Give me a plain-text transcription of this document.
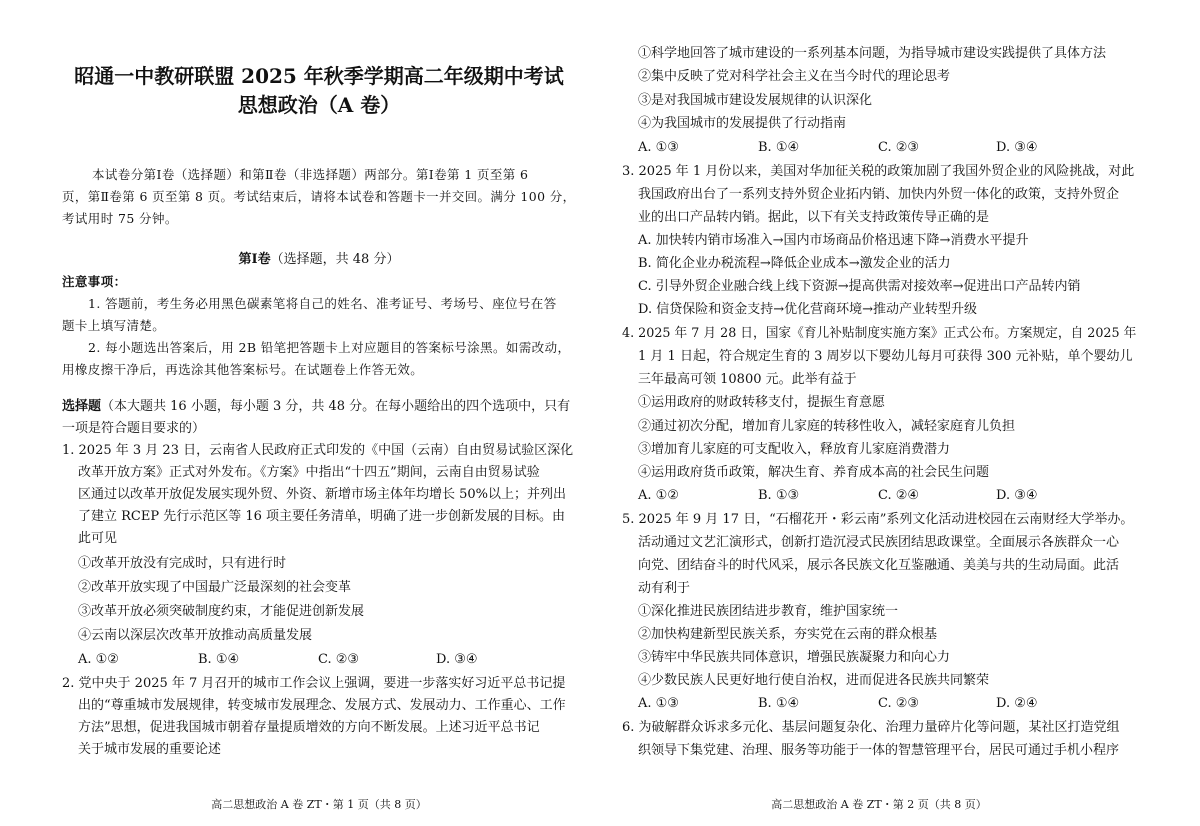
昭通一中教研联盟 2025 年秋季学期高二年级期中考试
思想政治（A 卷）
本试卷分第Ⅰ卷（选择题）和第Ⅱ卷（非选择题）两部分。第Ⅰ卷第 1 页至第 6
页，第Ⅱ卷第 6 页至第 8 页。考试结束后，请将本试卷和答题卡一并交回。满分 100 分，
考试用时 75 分钟。
第Ⅰ卷（选择题，共 48 分）
注意事项：
1. 答题前，考生务必用黑色碳素笔将自己的姓名、准考证号、考场号、座位号在答
题卡上填写清楚。
2. 每小题选出答案后，用 2B 铅笔把答题卡上对应题目的答案标号涂黑。如需改动，
用橡皮擦干净后，再选涂其他答案标号。在试题卷上作答无效。
选择题（本大题共 16 小题，每小题 3 分，共 48 分。在每小题给出的四个选项中，只有
一项是符合题目要求的）
1. 2025 年 3 月 23 日，云南省人民政府正式印发的《中国（云南）自由贸易试验区深化
改革开放方案》正式对外发布。《方案》中指出“十四五”期间，云南自由贸易试验
区通过以改革开放促发展实现外贸、外资、新增市场主体年均增长 50%以上；并列出
了建立 RCEP 先行示范区等 16 项主要任务清单，明确了进一步创新发展的目标。由
此可见
①改革开放没有完成时，只有进行时
②改革开放实现了中国最广泛最深刻的社会变革
③改革开放必须突破制度约束，才能促进创新发展
④云南以深层次改革开放推动高质量发展
A. ①②	B. ①④	C. ②③	D. ③④
2. 党中央于 2025 年 7 月召开的城市工作会议上强调，要进一步落实好习近平总书记提
出的“尊重城市发展规律，转变城市发展理念、发展方式、发展动力、工作重心、工作
方法”思想，促进我国城市朝着存量提质增效的方向不断发展。上述习近平总书记
关于城市发展的重要论述
高二思想政治 A 卷 ZT・第 1 页（共 8 页）
①科学地回答了城市建设的一系列基本问题，为指导城市建设实践提供了具体方法
②集中反映了党对科学社会主义在当今时代的理论思考
③是对我国城市建设发展规律的认识深化
④为我国城市的发展提供了行动指南
A. ①③	B. ①④	C. ②③	D. ③④
3. 2025 年 1 月份以来，美国对华加征关税的政策加剧了我国外贸企业的风险挑战，对此
我国政府出台了一系列支持外贸企业拓内销、加快内外贸一体化的政策，支持外贸企
业的出口产品转内销。据此，以下有关支持政策传导正确的是
A. 加快转内销市场准入→国内市场商品价格迅速下降→消费水平提升
B. 简化企业办税流程→降低企业成本→激发企业的活力
C. 引导外贸企业融合线上线下资源→提高供需对接效率→促进出口产品转内销
D. 信贷保险和资金支持→优化营商环境→推动产业转型升级
4. 2025 年 7 月 28 日，国家《育儿补贴制度实施方案》正式公布。方案规定，自 2025 年
1 月 1 日起，符合规定生育的 3 周岁以下婴幼儿每月可获得 300 元补贴，单个婴幼儿
三年最高可领 10800 元。此举有益于
①运用政府的财政转移支付，提振生育意愿
②通过初次分配，增加育儿家庭的转移性收入，减轻家庭育儿负担
③增加育儿家庭的可支配收入，释放育儿家庭消费潜力
④运用政府货币政策，解决生育、养育成本高的社会民生问题
A. ①②	B. ①③	C. ②④	D. ③④
5. 2025 年 9 月 17 日，“石榴花开・彩云南”系列文化活动进校园在云南财经大学举办。
活动通过文艺汇演形式，创新打造沉浸式民族团结思政课堂。全面展示各族群众一心
向党、团结奋斗的时代风采，展示各民族文化互鉴融通、美美与共的生动局面。此活
动有利于
①深化推进民族团结进步教育，维护国家统一
②加快构建新型民族关系，夯实党在云南的群众根基
③铸牢中华民族共同体意识，增强民族凝聚力和向心力
④少数民族人民更好地行使自治权，进而促进各民族共同繁荣
A. ①③	B. ①④	C. ②③	D. ②④
6. 为破解群众诉求多元化、基层问题复杂化、治理力量碎片化等问题，某社区打造党组
织领导下集党建、治理、服务等功能于一体的智慧管理平台，居民可通过手机小程序
高二思想政治 A 卷 ZT・第 2 页（共 8 页）
